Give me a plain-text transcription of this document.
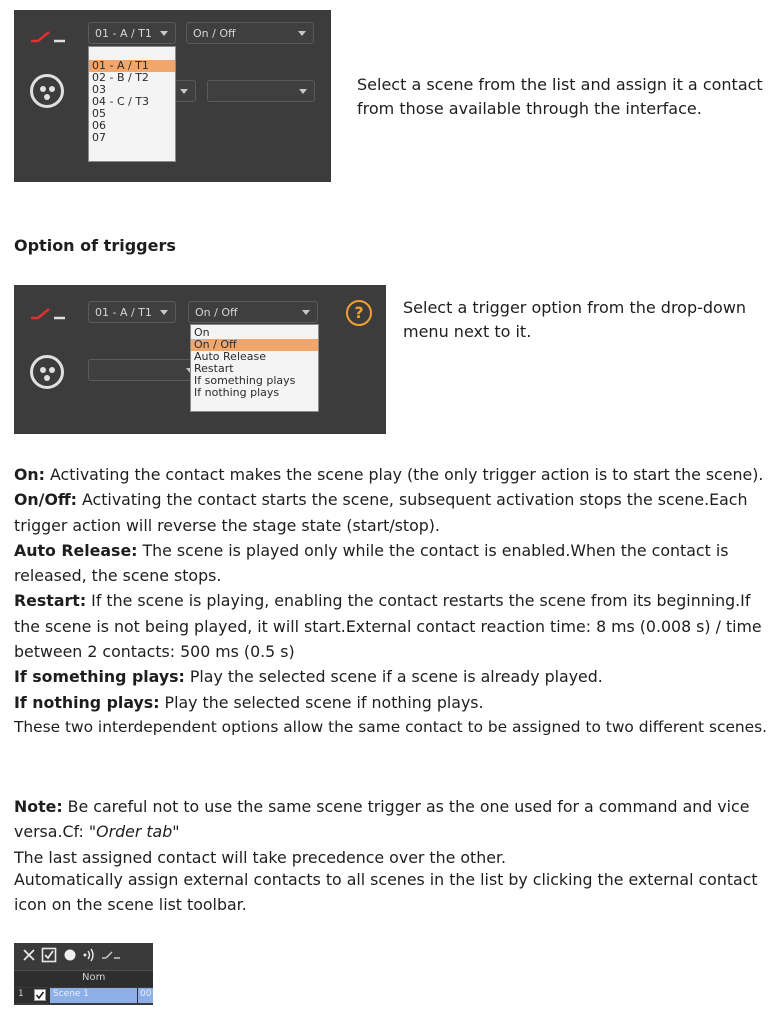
01 - A / T1	On / Off
01 - A / T1
02 - B / T2
03
04 - C / T3
05
06
07
Select a scene from the list and assign it a contact from those available through the interface.
Option of triggers
01 - A / T1	On / Off	?
On
On / Off
Auto Release
Restart
If something plays
If nothing plays
Select a trigger option from the drop-down menu next to it.
On: Activating the contact makes the scene play (the only trigger action is to start the scene).
On/Off: Activating the contact starts the scene, subsequent activation stops the scene.Each trigger action will reverse the stage state (start/stop).
Auto Release: The scene is played only while the contact is enabled.When the contact is released, the scene stops.
Restart: If the scene is playing, enabling the contact restarts the scene from its beginning.If the scene is not being played, it will start.External contact reaction time: 8 ms (0.008 s) / time between 2 contacts: 500 ms (0.5 s)
If something plays: Play the selected scene if a scene is already played.
If nothing plays: Play the selected scene if nothing plays.
These two interdependent options allow the same contact to be assigned to two different scenes.
Note: Be careful not to use the same scene trigger as the one used for a command and vice versa.Cf: "Order tab"
The last assigned contact will take precedence over the other.
Automatically assign external contacts to all scenes in the list by clicking the external contact icon on the scene list toolbar.
Nom
1	Scene 1	00
